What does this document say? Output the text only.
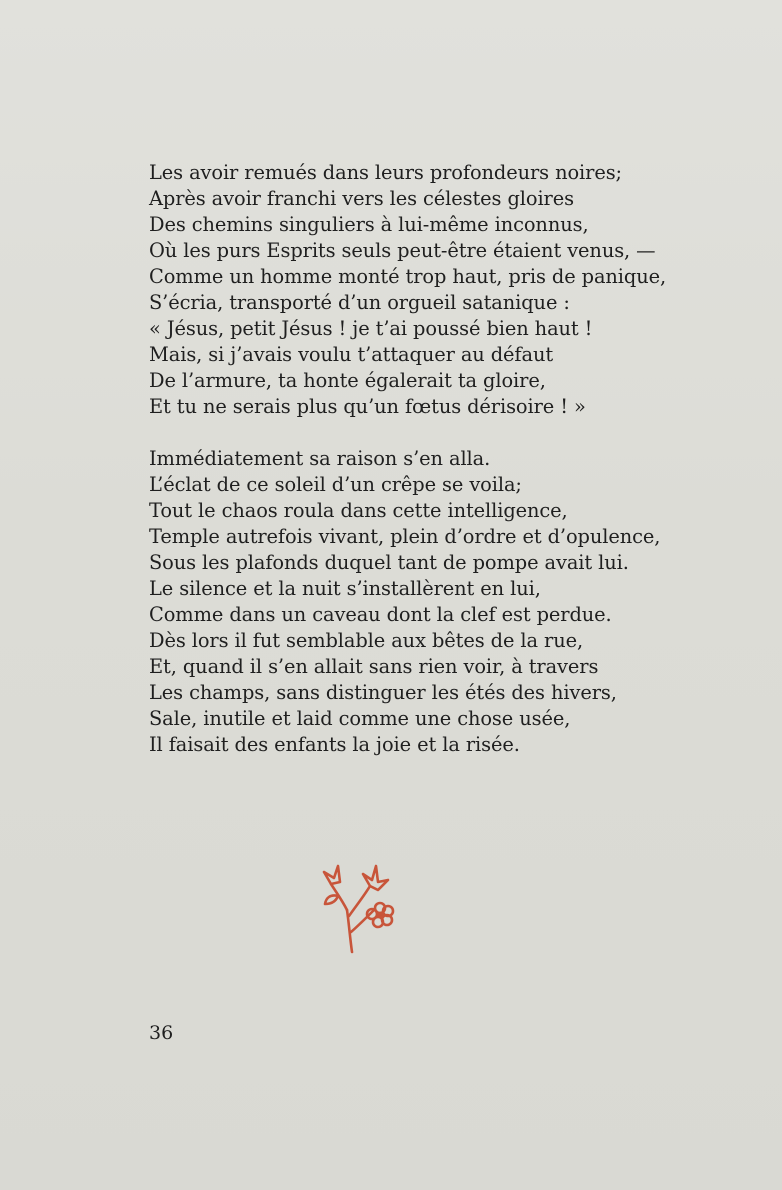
Les avoir remués dans leurs profondeurs noires;
Après avoir franchi vers les célestes gloires
Des chemins singuliers à lui-même inconnus,
Où les purs Esprits seuls peut-être étaient venus, —
Comme un homme monté trop haut, pris de panique,
S’écria, transporté d’un orgueil satanique :
« Jésus, petit Jésus ! je t’ai poussé bien haut !
Mais, si j’avais voulu t’attaquer au défaut
De l’armure, ta honte égalerait ta gloire,
Et tu ne serais plus qu’un fœtus dérisoire ! »
Immédiatement sa raison s’en alla.
L’éclat de ce soleil d’un crêpe se voila;
Tout le chaos roula dans cette intelligence,
Temple autrefois vivant, plein d’ordre et d’opulence,
Sous les plafonds duquel tant de pompe avait lui.
Le silence et la nuit s’installèrent en lui,
Comme dans un caveau dont la clef est perdue.
Dès lors il fut semblable aux bêtes de la rue,
Et, quand il s’en allait sans rien voir, à travers
Les champs, sans distinguer les étés des hivers,
Sale, inutile et laid comme une chose usée,
Il faisait des enfants la joie et la risée.
36
